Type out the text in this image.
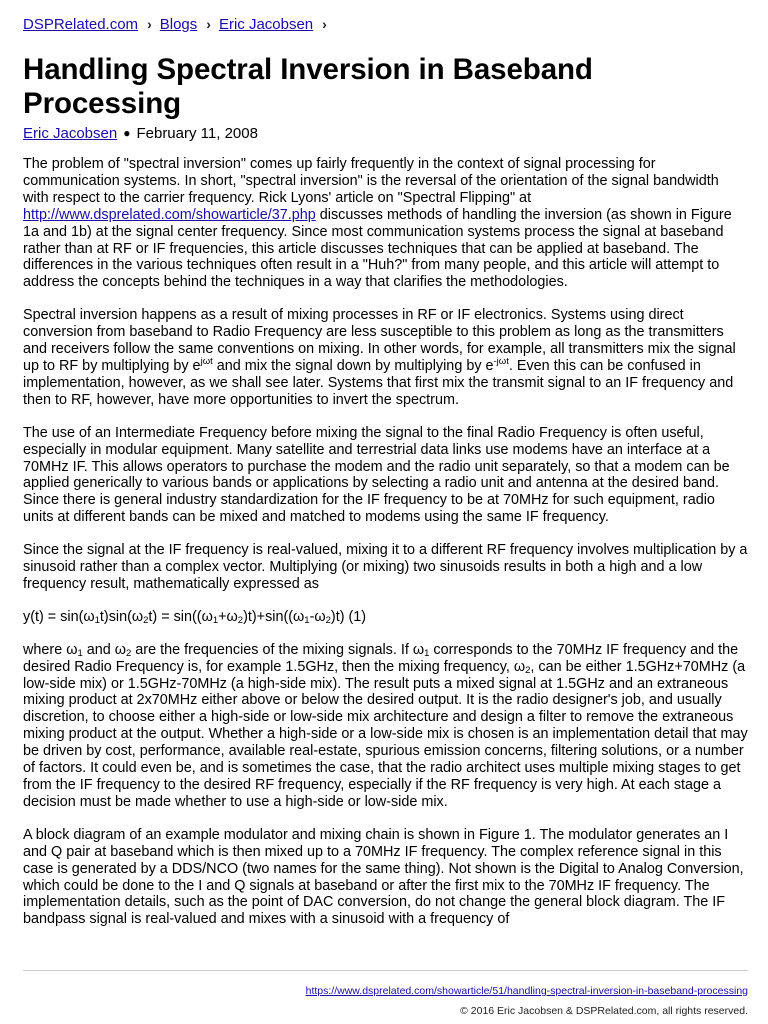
DSPRelated.com › Blogs › Eric Jacobsen ›
Handling Spectral Inversion in Baseband Processing
Eric Jacobsen ● February 11, 2008

The problem of "spectral inversion" comes up fairly frequently in the context of signal processing for communication systems. In short, "spectral inversion" is the reversal of the orientation of the signal bandwidth with respect to the carrier frequency. Rick Lyons' article on "Spectral Flipping" at http://www.dsprelated.com/showarticle/37.php discusses methods of handling the inversion (as shown in Figure 1a and 1b) at the signal center frequency. Since most communication systems process the signal at baseband rather than at RF or IF frequencies, this article discusses techniques that can be applied at baseband. The differences in the various techniques often result in a "Huh?" from many people, and this article will attempt to address the concepts behind the techniques in a way that clarifies the methodologies.

Spectral inversion happens as a result of mixing processes in RF or IF electronics. Systems using direct conversion from baseband to Radio Frequency are less susceptible to this problem as long as the transmitters and receivers follow the same conventions on mixing. In other words, for example, all transmitters mix the signal up to RF by multiplying by $e^{j\omega t}$ and mix the signal down by multiplying by $e^{-j\omega t}$. Even this can be confused in implementation, however, as we shall see later. Systems that first mix the transmit signal to an IF frequency and then to RF, however, have more opportunities to invert the spectrum.

The use of an Intermediate Frequency before mixing the signal to the final Radio Frequency is often useful, especially in modular equipment. Many satellite and terrestrial data links use modems have an interface at a 70MHz IF. This allows operators to purchase the modem and the radio unit separately, so that a modem can be applied generically to various bands or applications by selecting a radio unit and antenna at the desired band. Since there is general industry standardization for the IF frequency to be at 70MHz for such equipment, radio units at different bands can be mixed and matched to modems using the same IF frequency.

Since the signal at the IF frequency is real-valued, mixing it to a different RF frequency involves multiplication by a sinusoid rather than a complex vector. Multiplying (or mixing) two sinusoids results in both a high and a low frequency result, mathematically expressed as

$y(t) = \sin(\omega_1t)\sin(\omega_2t) = \sin((\omega_1+\omega_2)t)+\sin((\omega_1-\omega_2)t)$ (1)

where $\omega_1$ and $\omega_2$ are the frequencies of the mixing signals. If $\omega_1$ corresponds to the 70MHz IF frequency and the desired Radio Frequency is, for example 1.5GHz, then the mixing frequency, $\omega_2$, can be either 1.5GHz+70MHz (a low-side mix) or 1.5GHz-70MHz (a high-side mix). The result puts a mixed signal at 1.5GHz and an extraneous mixing product at 2x70MHz either above or below the desired output. It is the radio designer's job, and usually discretion, to choose either a high-side or low-side mix architecture and design a filter to remove the extraneous mixing product at the output. Whether a high-side or a low-side mix is chosen is an implementation detail that may be driven by cost, performance, available real-estate, spurious emission concerns, filtering solutions, or a number of factors. It could even be, and is sometimes the case, that the radio architect uses multiple mixing stages to get from the IF frequency to the desired RF frequency, especially if the RF frequency is very high. At each stage a decision must be made whether to use a high-side or low-side mix.

A block diagram of an example modulator and mixing chain is shown in Figure 1. The modulator generates an I and Q pair at baseband which is then mixed up to a 70MHz IF frequency. The complex reference signal in this case is generated by a DDS/NCO (two names for the same thing). Not shown is the Digital to Analog Conversion, which could be done to the I and Q signals at baseband or after the first mix to the 70MHz IF frequency. The implementation details, such as the point of DAC conversion, do not change the general block diagram. The IF bandpass signal is real-valued and mixes with a sinusoid with a frequency of

https://www.dsprelated.com/showarticle/51/handling-spectral-inversion-in-baseband-processing
© 2016 Eric Jacobsen & DSPRelated.com, all rights reserved.
